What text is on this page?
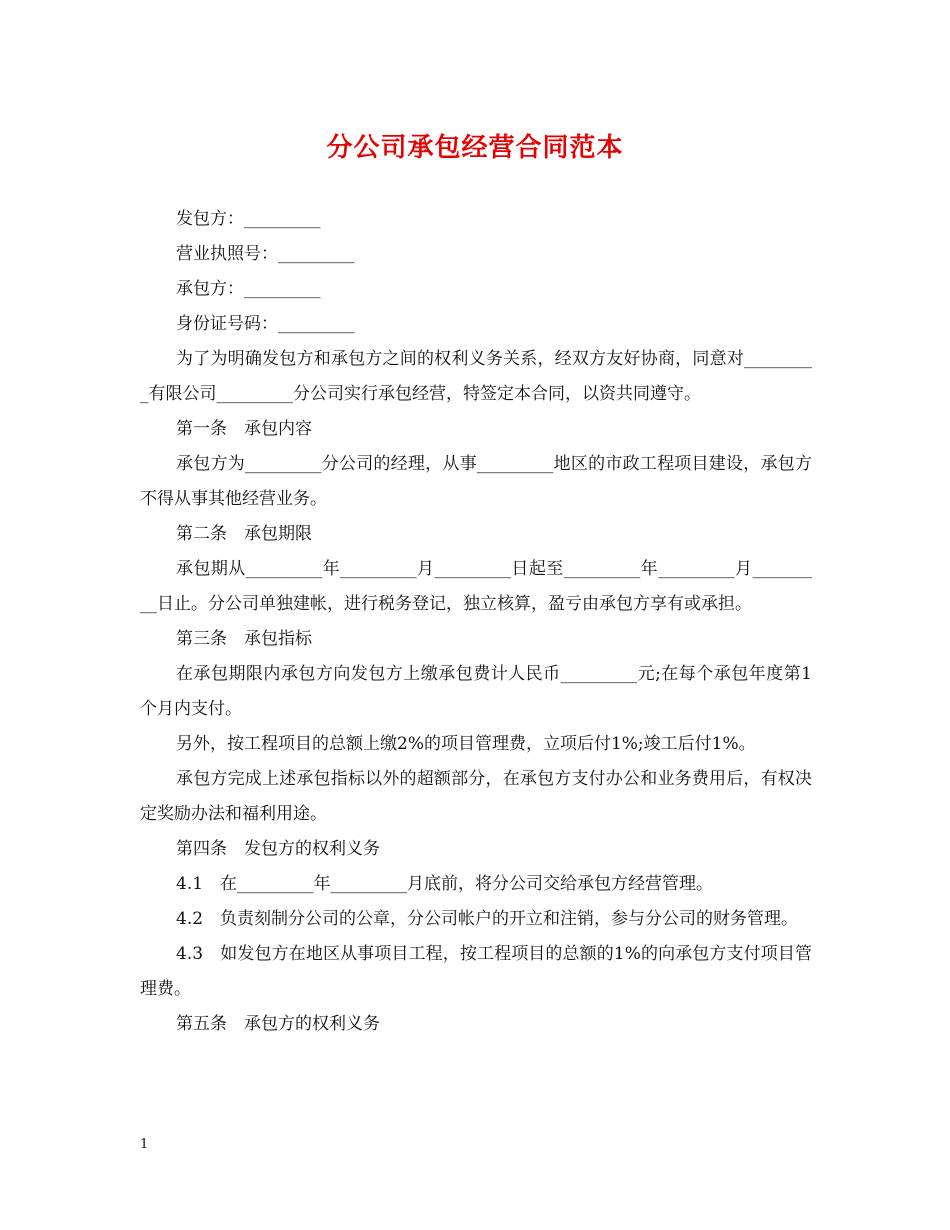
分公司承包经营合同范本

发包方：_________

营业执照号：_________

承包方：_________

身份证号码：_________

为了为明确发包方和承包方之间的权利义务关系，经双方友好协商，同意对_________有限公司_________分公司实行承包经营，特签定本合同，以资共同遵守。

第一条　承包内容

承包方为_________分公司的经理，从事_________地区的市政工程项目建设，承包方不得从事其他经营业务。

第二条　承包期限

承包期从_________年_________月_________日起至_________年_________月_________日止。分公司单独建帐，进行税务登记，独立核算，盈亏由承包方享有或承担。

第三条　承包指标

在承包期限内承包方向发包方上缴承包费计人民币_________元;在每个承包年度第1个月内支付。

另外，按工程项目的总额上缴2%的项目管理费，立项后付1%;竣工后付1%。

承包方完成上述承包指标以外的超额部分，在承包方支付办公和业务费用后，有权决定奖励办法和福利用途。

第四条　发包方的权利义务

4.1　在_________年_________月底前，将分公司交给承包方经营管理。

4.2　负责刻制分公司的公章，分公司帐户的开立和注销，参与分公司的财务管理。

4.3　如发包方在地区从事项目工程，按工程项目的总额的1%的向承包方支付项目管理费。

第五条　承包方的权利义务

1
